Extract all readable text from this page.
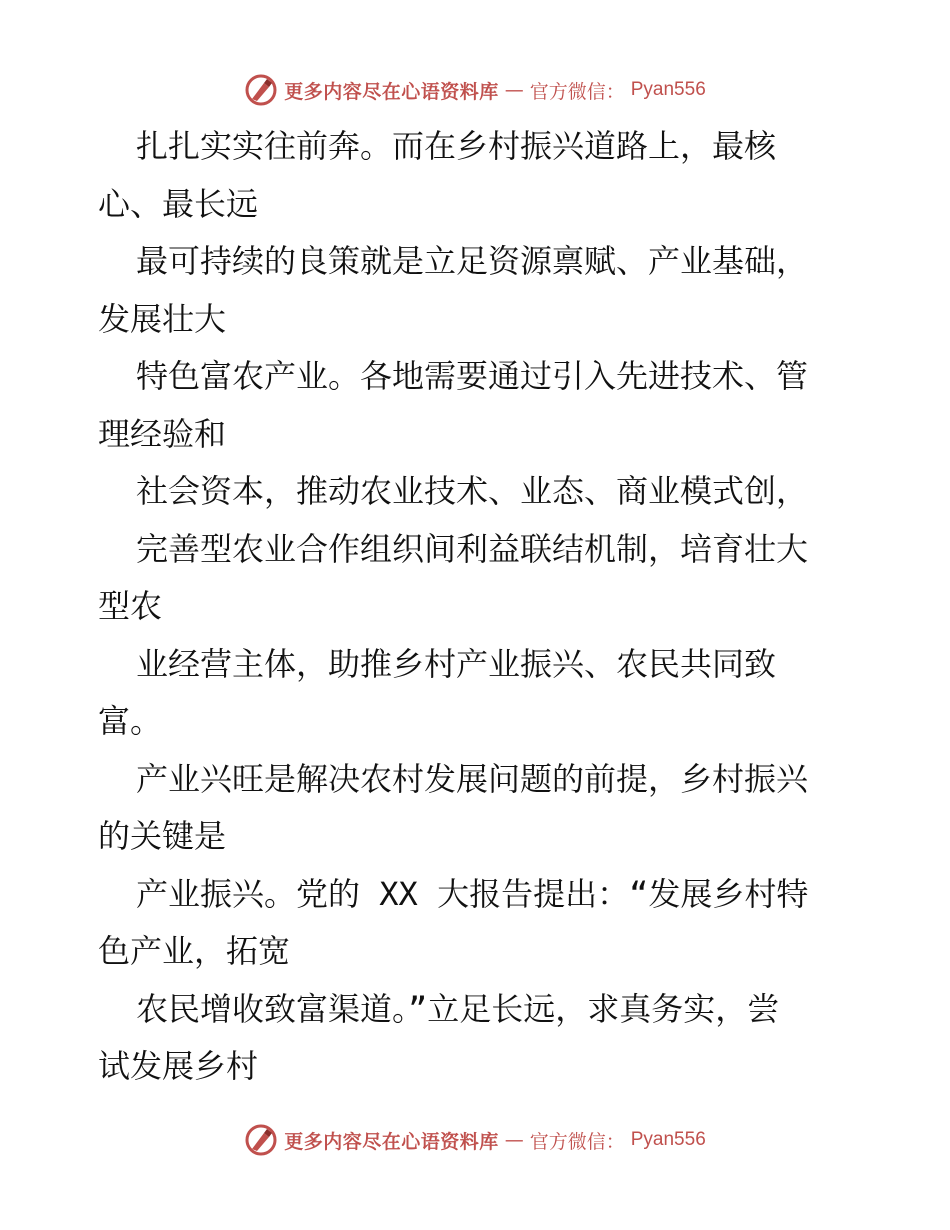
更多内容尽在心语资料库 — 官方微信： Pyan556
扎扎实实往前奔。而在乡村振兴道路上，最核
心、最长远
最可持续的良策就是立足资源禀赋、产业基础，
发展壮大
特色富农产业。各地需要通过引入先进技术、管
理经验和
社会资本，推动农业技术、业态、商业模式创，
完善型农业合作组织间利益联结机制，培育壮大
型农
业经营主体，助推乡村产业振兴、农民共同致
富。
产业兴旺是解决农村发展问题的前提，乡村振兴
的关键是
产业振兴。党的 XX 大报告提出：“发展乡村特
色产业，拓宽
农民增收致富渠道。”立足长远，求真务实，尝
试发展乡村
更多内容尽在心语资料库 — 官方微信： Pyan556
